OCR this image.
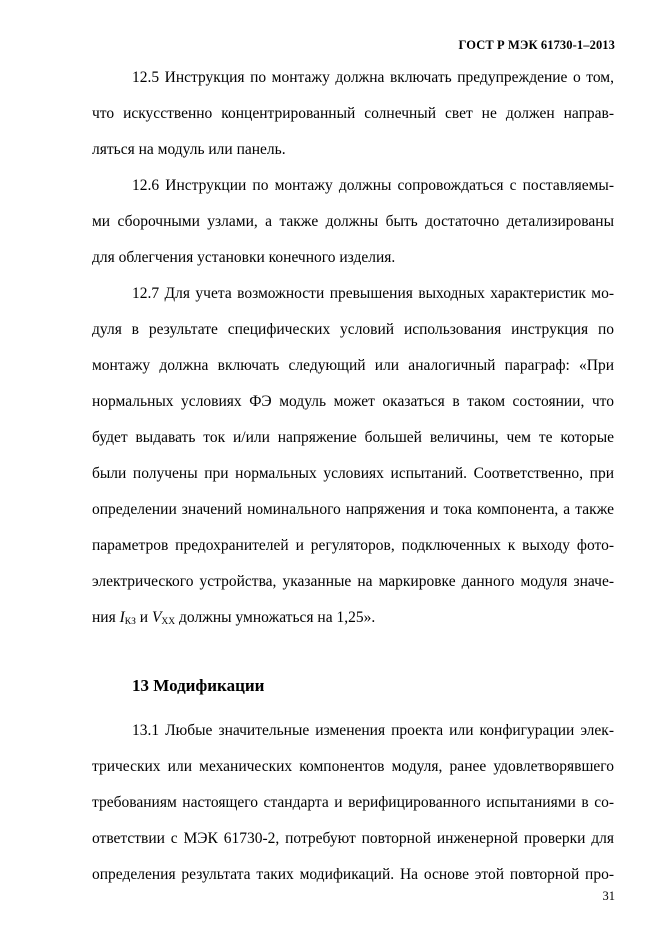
ГОСТ Р МЭК 61730-1–2013
12.5 Инструкция по монтажу должна включать предупреждение о том,
что искусственно концентрированный солнечный свет не должен направ-
ляться на модуль или панель.
12.6 Инструкции по монтажу должны сопровождаться с поставляемы-
ми сборочными узлами, а также должны быть достаточно детализированы
для облегчения установки конечного изделия.
12.7 Для учета возможности превышения выходных характеристик мо-
дуля в результате специфических условий использования инструкция по
монтажу должна включать следующий или аналогичный параграф: «При
нормальных условиях ФЭ модуль может оказаться в таком состоянии, что
будет выдавать ток и/или напряжение большей величины, чем те которые
были получены при нормальных условиях испытаний. Соответственно, при
определении значений номинального напряжения и тока компонента, а также
параметров предохранителей и регуляторов, подключенных к выходу фото-
электрического устройства, указанные на маркировке данного модуля значе-
ния $I_{КЗ}$ и $V_{ХХ}$ должны умножаться на 1,25».
13 Модификации
13.1 Любые значительные изменения проекта или конфигурации элек-
трических или механических компонентов модуля, ранее удовлетворявшего
требованиям настоящего стандарта и верифицированного испытаниями в со-
ответствии с МЭК 61730-2, потребуют повторной инженерной проверки для
определения результата таких модификаций. На основе этой повторной про-
31
